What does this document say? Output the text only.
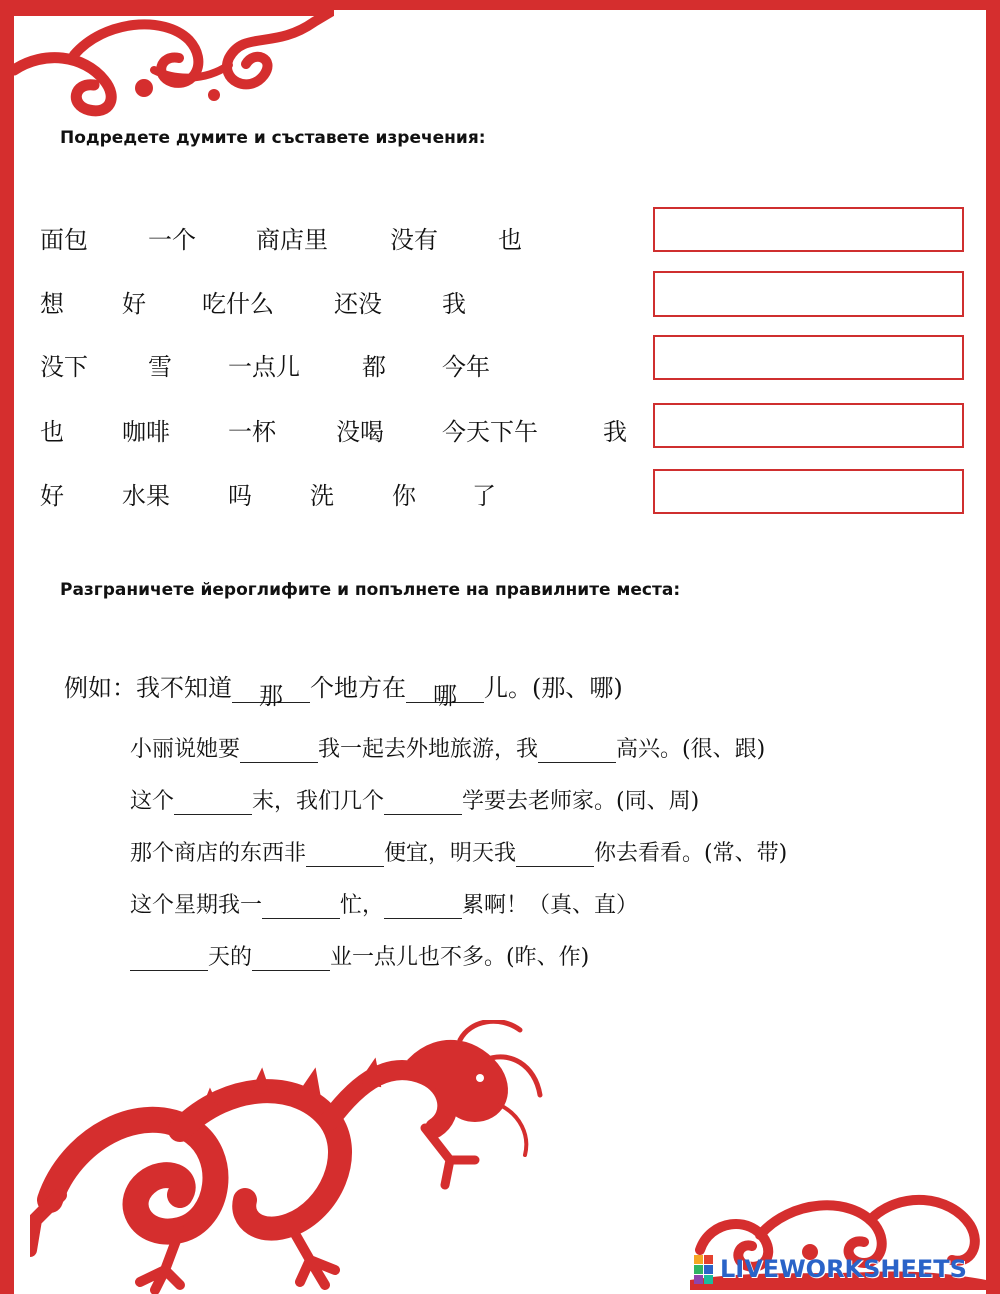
Подредете думите и съставете изречения:
面包	一个	商店里	没有	也
想 好 吃什么	还没	我
没下	雪 一点儿	都 今年
也 咖啡 一杯	没喝 今天下午	我
好 水果 吗 洗 你 了
Разграничете йероглифите и попълнете на правилните места:
例如：我不知道 那 个地方在 哪 儿。(那、哪)
小丽说她要	我一起去外地旅游，我	高兴。(很、跟)
这个	末，我们几个	学要去老师家。(同、周)
那个商店的东西非	便宜，明天我	你去看看。(常、带)
这个星期我一	忙，	累啊！（真、直）
天的	业一点儿也不多。(昨、作)
LIVEWORKSHEETS
